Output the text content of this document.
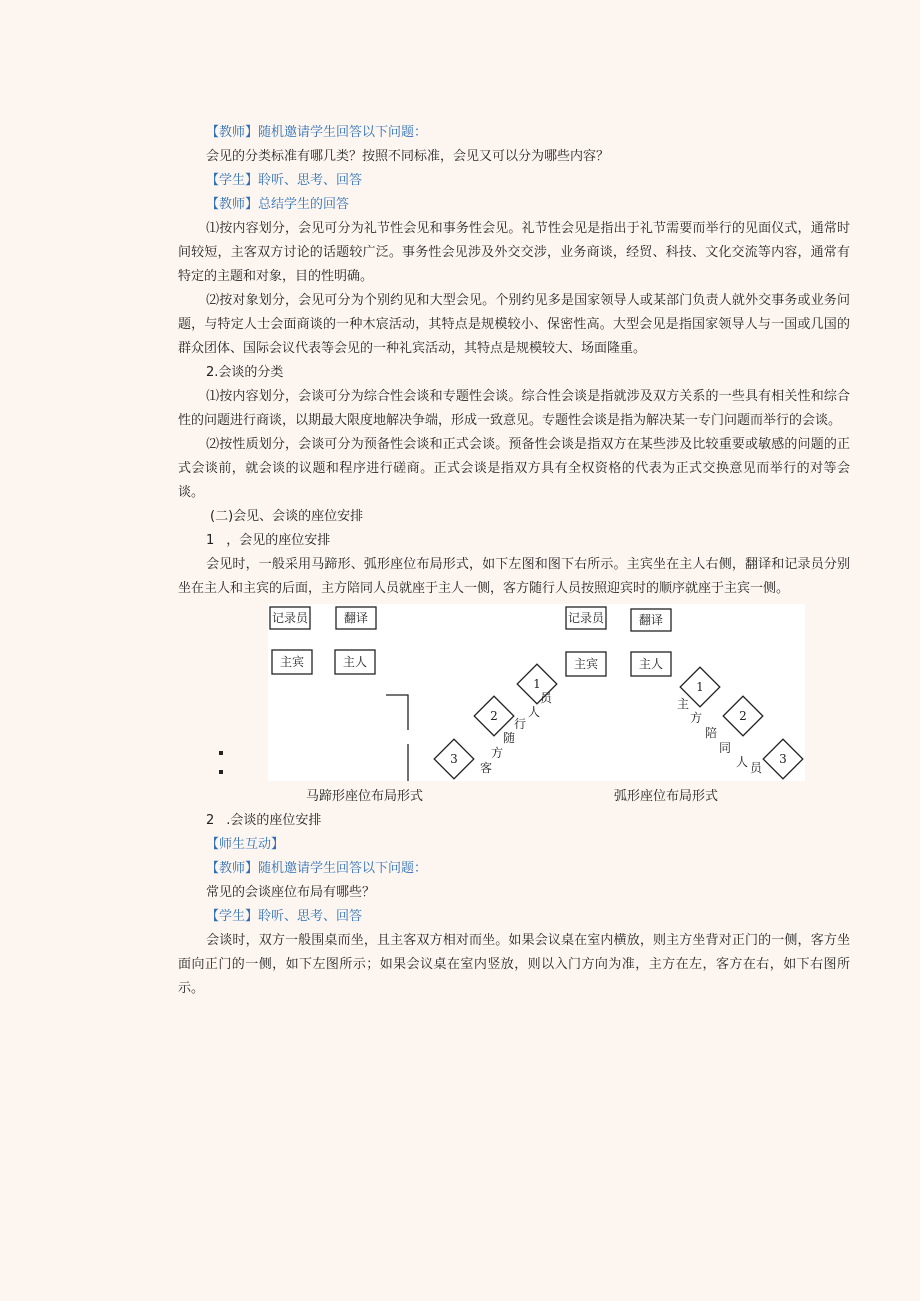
【教师】随机邀请学生回答以下问题：
会见的分类标准有哪几类？按照不同标准，会见又可以分为哪些内容？
【学生】聆听、思考、回答
【教师】总结学生的回答
⑴按内容划分，会见可分为礼节性会见和事务性会见。礼节性会见是指出于礼节需要而举行的见面仪式，通常时间较短，主客双方讨论的话题较广泛。事务性会见涉及外交交涉，业务商谈，经贸、科技、文化交流等内容，通常有特定的主题和对象，目的性明确。
⑵按对象划分，会见可分为个别约见和大型会见。个别约见多是国家领导人或某部门负责人就外交事务或业务问题，与特定人士会面商谈的一种木宸活动，其特点是规模较小、保密性高。大型会见是指国家领导人与一国或几国的群众团体、国际会议代表等会见的一种礼宾活动，其特点是规模较大、场面隆重。
2.会谈的分类
⑴按内容划分，会谈可分为综合性会谈和专题性会谈。综合性会谈是指就涉及双方关系的一些具有相关性和综合性的问题进行商谈，以期最大限度地解决争端，形成一致意见。专题性会谈是指为解决某一专门问题而举行的会谈。
⑵按性质划分，会谈可分为预备性会谈和正式会谈。预备性会谈是指双方在某些涉及比较重要或敏感的问题的正式会谈前，就会谈的议题和程序进行磋商。正式会谈是指双方具有全权资格的代表为正式交换意见而举行的对等会谈。
(二)会见、会谈的座位安排
1 ，会见的座位安排
会见时，一般采用马蹄形、弧形座位布局形式，如下左图和图下右所示。主宾坐在主人右侧，翻译和记录员分别坐在主人和主宾的后面，主方陪同人员就座于主人一侧，客方随行人员按照迎宾时的顺序就座于主宾一侧。
记录员	翻译
主宾	主人
1
2
3
客
方
随
行
人
员
记录员	翻译
主宾	主人
1
2
3
主
方
陪
同
人 员
马蹄形座位布局形式	弧形座位布局形式
2 .会谈的座位安排
【师生互动】
【教师】随机邀请学生回答以下问题：
常见的会谈座位布局有哪些？
【学生】聆听、思考、回答
会谈时，双方一般围桌而坐，且主客双方相对而坐。如果会议桌在室内横放，则主方坐背对正门的一侧，客方坐面向正门的一侧，如下左图所示；如果会议桌在室内竖放，则以入门方向为准，主方在左，客方在右，如下右图所示。
